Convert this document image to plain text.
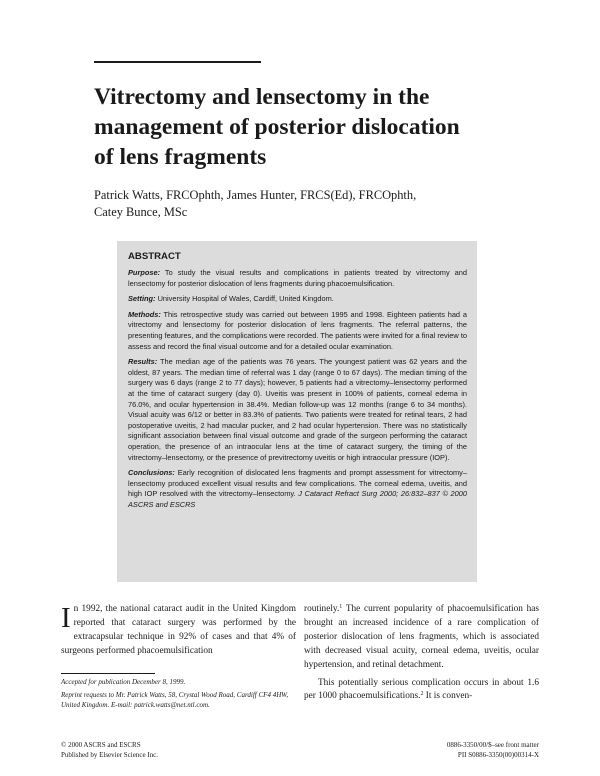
Vitrectomy and lensectomy in the
management of posterior dislocation
of lens fragments
Patrick Watts, FRCOphth, James Hunter, FRCS(Ed), FRCOphth,
Catey Bunce, MSc
ABSTRACT
Purpose: To study the visual results and complications in patients treated by vitrectomy and lensectomy for posterior dislocation of lens fragments during phacoemulsification.
Setting: University Hospital of Wales, Cardiff, United Kingdom.
Methods: This retrospective study was carried out between 1995 and 1998. Eighteen patients had a vitrectomy and lensectomy for posterior dislocation of lens fragments. The referral patterns, the presenting features, and the complications were recorded. The patients were invited for a final review to assess and record the final visual outcome and for a detailed ocular examination.
Results: The median age of the patients was 76 years. The youngest patient was 62 years and the oldest, 87 years. The median time of referral was 1 day (range 0 to 67 days). The median timing of the surgery was 6 days (range 2 to 77 days); however, 5 patients had a vitrectomy–lensectomy performed at the time of cataract surgery (day 0). Uveitis was present in 100% of patients, corneal edema in 76.0%, and ocular hypertension in 38.4%. Median follow-up was 12 months (range 6 to 34 months). Visual acuity was 6/12 or better in 83.3% of patients. Two patients were treated for retinal tears, 2 had postoperative uveitis, 2 had macular pucker, and 2 had ocular hypertension. There was no statistically significant association between final visual outcome and grade of the surgeon performing the cataract operation, the presence of an intraocular lens at the time of cataract surgery, the timing of the vitrectomy–lensectomy, or the presence of previtrectomy uveitis or high intraocular pressure (IOP).
Conclusions: Early recognition of dislocated lens fragments and prompt assessment for vitrectomy–lensectomy produced excellent visual results and few complications. The corneal edema, uveitis, and high IOP resolved with the vitrectomy–lensectomy. J Cataract Refract Surg 2000; 26:832–837 © 2000 ASCRS and ESCRS

In 1992, the national cataract audit in the United Kingdom reported that cataract surgery was performed by the extracapsular technique in 92% of cases and that 4% of surgeons performed phacoemulsification

routinely.$^1$ The current popularity of phacoemulsification has brought an increased incidence of a rare complication of posterior dislocation of lens fragments, which is associated with decreased visual acuity, corneal edema, uveitis, ocular hypertension, and retinal detachment.

This potentially serious complication occurs in about 1.6 per 1000 phacoemulsifications.$^2$ It is conven-

Accepted for publication December 8, 1999.

Reprint requests to Mr. Patrick Watts, 58, Crystal Wood Road, Cardiff CF4 4HW, United Kingdom. E-mail: patrick.watts@net.ntl.com.

© 2000 ASCRS and ESCRS
Published by Elsevier Science Inc.
0886-3350/00/$–see front matter
PII S0886-3350(00)00314-X
